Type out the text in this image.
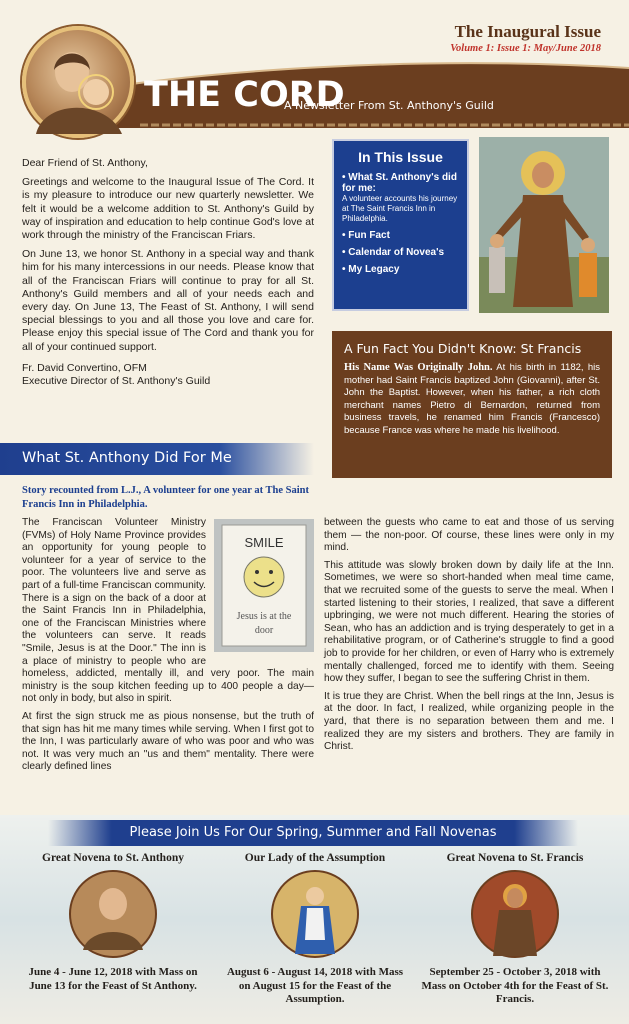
The Inaugural Issue
Volume 1: Issue 1: May/June 2018
THE CORD
A Newsletter From St. Anthony's Guild

Dear Friend of St. Anthony,

Greetings and welcome to the Inaugural Issue of The Cord. It is my pleasure to introduce our new quarterly newsletter. We felt it would be a welcome addition to St. Anthony's Guild by way of inspiration and education to help continue God's love at work through the ministry of the Franciscan Friars.

On June 13, we honor St. Anthony in a special way and thank him for his many intercessions in our needs. Please know that all of the Franciscan Friars will continue to pray for all St. Anthony's Guild members and all of your needs each and every day. On June 13, The Feast of St. Anthony, I will send special blessings to you and all those you love and care for. Please enjoy this special issue of The Cord and thank you for all of your continued support.

Fr. David Convertino, OFM
Executive Director of St. Anthony's Guild
In This Issue
• What St. Anthony's did for me:
A volunteer accounts his journey at The Saint Francis Inn in Philadelphia.
• Fun Fact
• Calendar of Novea's
• My Legacy
A Fun Fact You Didn't Know: St Francis

His Name Was Originally John. At his birth in 1182, his mother had Saint Francis baptized John (Giovanni), after St. John the Baptist. However, when his father, a rich cloth merchant names Pietro di Bernardon, returned from business travels, he renamed him Francis (Francesco) because France was where he made his livelihood.

What St. Anthony Did For Me
Story recounted from L.J., A volunteer for one year at The Saint Francis Inn in Philadelphia.
SMILE
Jesus is at the
door

The Franciscan Volunteer Ministry (FVMs) of Holy Name Province provides an opportunity for young people to volunteer for a year of service to the poor. The volunteers live and serve as part of a full-time Franciscan community. There is a sign on the back of a door at the Saint Francis Inn in Philadelphia, one of the Franciscan Ministries where the volunteers can serve. It reads "Smile, Jesus is at the Door." The inn is a place of ministry to people who are homeless, addicted, mentally ill, and very poor. The main ministry is the soup kitchen feeding up to 400 people a day— not only in body, but also in spirit.

At first the sign struck me as pious nonsense, but the truth of that sign has hit me many times while serving. When I first got to the Inn, I was particularly aware of who was poor and who was not. It was very much an "us and them" mentality. There were clearly defined lines

between the guests who came to eat and those of us serving them — the non-poor. Of course, these lines were only in my mind.

This attitude was slowly broken down by daily life at the Inn. Sometimes, we were so short-handed when meal time came, that we recruited some of the guests to serve the meal. When I started listening to their stories, I realized, that save a different upbringing, we were not much different. Hearing the stories of Sean, who has an addiction and is trying desperately to get in a rehabilitative program, or of Catherine's struggle to find a good job to provide for her children, or even of Harry who is extremely mentally challenged, forced me to identify with them. Seeing how they suffer, I began to see the suffering Christ in them.

It is true they are Christ. When the bell rings at the Inn, Jesus is at the door. In fact, I realized, while organizing people in the yard, that there is no separation between them and me. I realized they are my sisters and brothers. They are family in Christ.

Please Join Us For Our Spring, Summer and Fall Novenas
Great Novena to St. Anthony
June 4 - June 12, 2018 with Mass on June 13 for the Feast of St Anthony.
Our Lady of the Assumption
August 6 - August 14, 2018 with Mass on August 15 for the Feast of the Assumption.
Great Novena to St. Francis
September 25 - October 3, 2018 with Mass on October 4th for the Feast of St. Francis.
